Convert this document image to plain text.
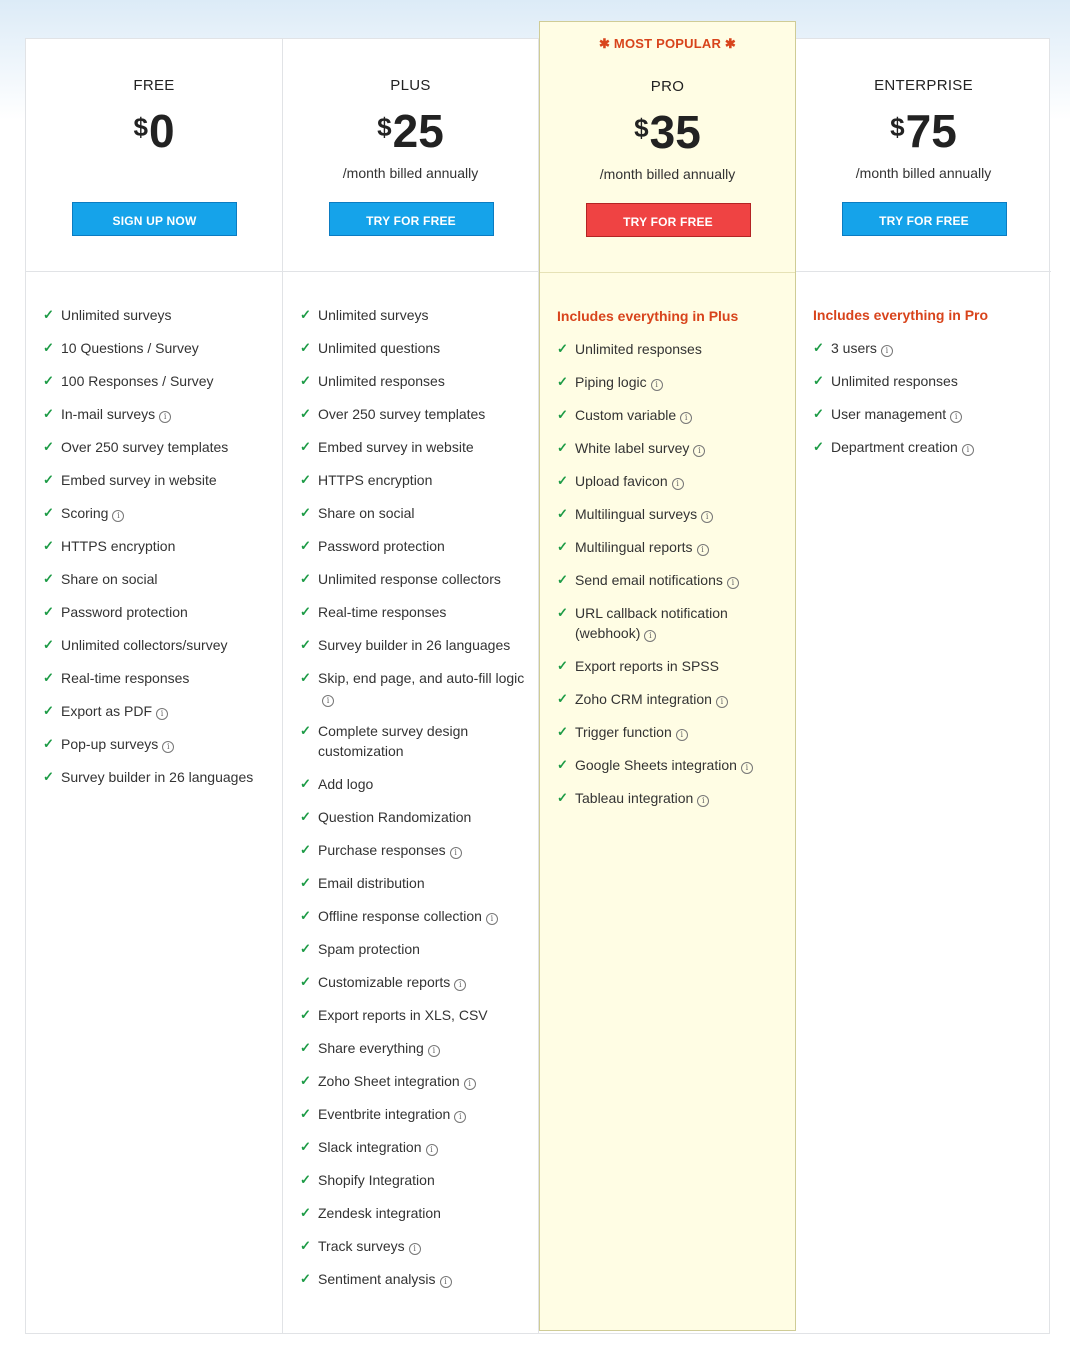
FREE
$0
SIGN UP NOW
✓ Unlimited surveys
✓ 10 Questions / Survey
✓ 100 Responses / Survey
✓ In-mail surveys i
✓ Over 250 survey templates
✓ Embed survey in website
✓ Scoring i
✓ HTTPS encryption
✓ Share on social
✓ Password protection
✓ Unlimited collectors/survey
✓ Real-time responses
✓ Export as PDF i
✓ Pop-up surveys i
✓ Survey builder in 26 languages
PLUS
$25
/month billed annually
TRY FOR FREE
✓ Unlimited surveys
✓ Unlimited questions
✓ Unlimited responses
✓ Over 250 survey templates
✓ Embed survey in website
✓ HTTPS encryption
✓ Share on social
✓ Password protection
✓ Unlimited response collectors
✓ Real-time responses
✓ Survey builder in 26 languages
✓ Skip, end page, and auto-fill logici
✓ Complete survey design customization
✓ Add logo
✓ Question Randomization
✓ Purchase responses i
✓ Email distribution
✓ Offline response collection i
✓ Spam protection
✓ Customizable reports i
✓ Export reports in XLS, CSV
✓ Share everything i
✓ Zoho Sheet integration i
✓ Eventbrite integration i
✓ Slack integration i
✓ Shopify Integration
✓ Zendesk integration
✓ Track surveys i
✓ Sentiment analysis i
✱ MOST POPULAR ✱
PRO
$35
/month billed annually
TRY FOR FREE
Includes everything in Plus
✓ Unlimited responses
✓ Piping logic i
✓ Custom variable i
✓ White label survey i
✓ Upload favicon i
✓ Multilingual surveys i
✓ Multilingual reports i
✓ Send email notifications i
✓ URL callback notification (webhook) i
✓ Export reports in SPSS
✓ Zoho CRM integration i
✓ Trigger function i
✓ Google Sheets integration i
✓ Tableau integration i
ENTERPRISE
$75
/month billed annually
TRY FOR FREE
Includes everything in Pro
✓ 3 users i
✓ Unlimited responses
✓ User management i
✓ Department creation i
